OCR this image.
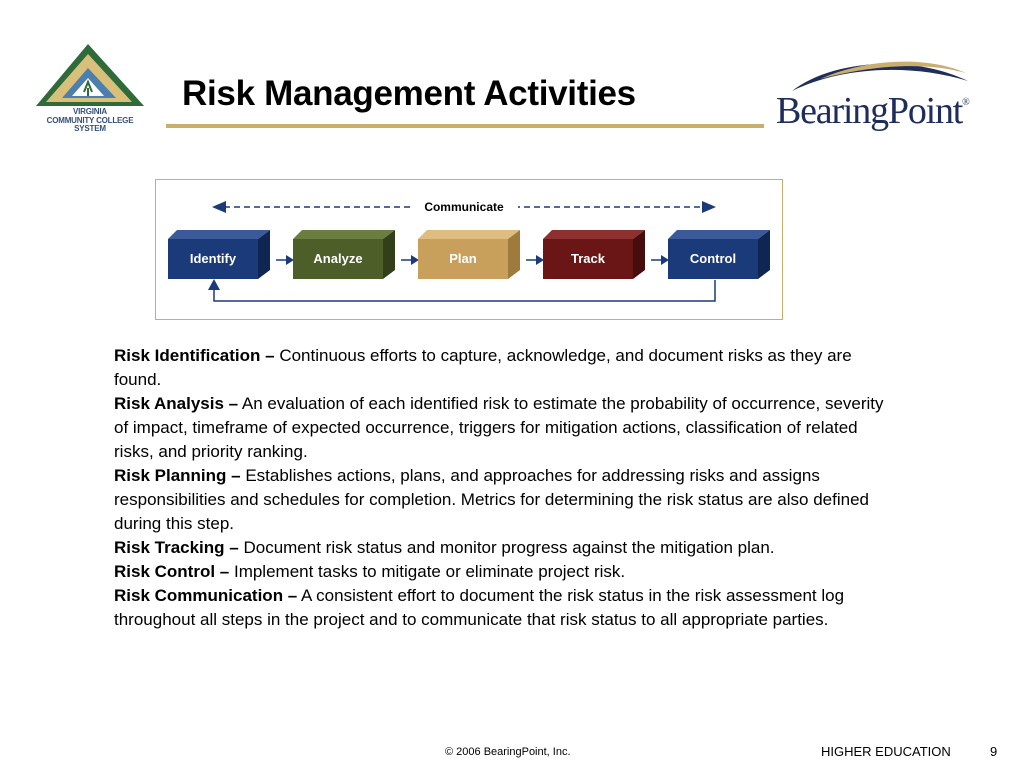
VIRGINIA
COMMUNITY COLLEGE
SYSTEM
Risk Management Activities	BearingPoint®
Communicate
Identify	Analyze	Plan	Track	Control

Risk Identification – Continuous efforts to capture, acknowledge, and document risks as they are found.

Risk Analysis – An evaluation of each identified risk to estimate the probability of occurrence, severity of impact, timeframe of expected occurrence, triggers for mitigation actions, classification of related risks, and priority ranking.

Risk Planning – Establishes actions, plans, and approaches for addressing risks and assigns responsibilities and schedules for completion. Metrics for determining the risk status are also defined during this step.

Risk Tracking – Document risk status and monitor progress against the mitigation plan.

Risk Control – Implement tasks to mitigate or eliminate project risk.

Risk Communication – A consistent effort to document the risk status in the risk assessment log throughout all steps in the project and to communicate that risk status to all appropriate parties.

© 2006 BearingPoint, Inc.	HIGHER EDUCATION	9
